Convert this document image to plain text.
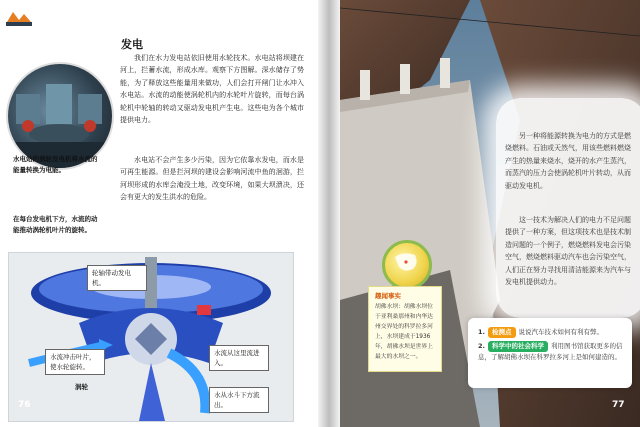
发电
我们在水力发电站依旧使用水轮技术。水电站将坝建在河上，拦蓄水流，形成水库。观察下方图解。深水储存了势能，为了释放这些能量用来做功，人们会打开闸门让水冲入水电站。水流的动能使涡轮机内的水轮叶片旋转，而每台涡轮机中轮轴的转动又驱动发电机产生电。这些电为各个城市提供电力。
水电站不会产生多少污染，因为它依靠水发电，而水是可再生能源。但是拦河坝的建设会影响河流中鱼的洄游，拦河坝形成的水库会淹没土地，改变环境，如果大坝溃决，还会有更大的发生洪水的危险。
水电站的涡轮发电机将水流的能量转换为电能。
在每台发电机下方，水流的动能推动涡轮机叶片的旋转。
轮轴带动发电机。
水流冲击叶片，使水轮旋转。
水流从这里流进入。
水从水斗下方流出。
涡轮
76
另一种将能源转换为电力的方式是燃烧燃料。石油或天然气，用该些燃料燃烧产生的热量来烧水，烧开的水产生蒸汽，而蒸汽的压力会使涡轮机叶片转动，从而驱动发电机。
这一技术为解决人们的电力不足问题提供了一种方案，但这项技术也是技术制造问题的一个例子，燃烧燃料发电会污染空气，燃烧燃料驱动汽车也会污染空气，人们正在努力寻找用清洁能源来为汽车与发电机提供动力。
趣闻事实
胡佛水坝：胡佛水坝位于亚利桑那州和内华达州交界处的科罗拉多河上，水坝建成于1936年，胡佛水坝是世界上最大的水坝之一。
1. 检测点 说说汽车技术如何有利有弊。
2. 科学中的社会科学 利用图书馆获取更多的信息，了解胡佛水坝在科罗拉多河上是如何建造的。
77
